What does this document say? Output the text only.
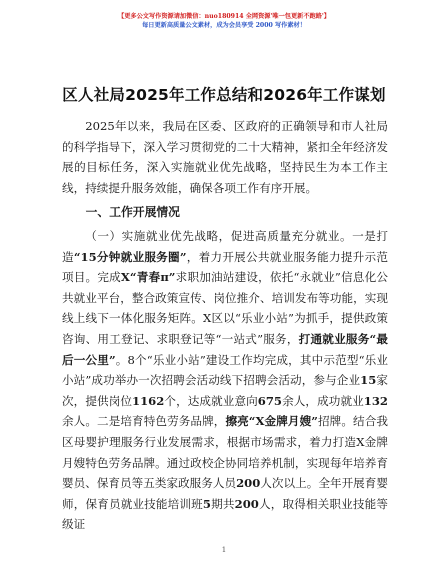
【更多公文写作资源请加微信：nuo180914 全网资源'唯一包更新不跑路'】
每日更新高质量公文素材，成为会员享受 2000 写作素材！
区人社局2025年工作总结和2026年工作谋划

2025年以来，我局在区委、区政府的正确领导和市人社局的科学指导下，深入学习贯彻党的二十大精神，紧扣全年经济发展的目标任务，深入实施就业优先战略，坚持民生为本工作主线，持续提升服务效能，确保各项工作有序开展。

一、工作开展情况

（一）实施就业优先战略，促进高质量充分就业。一是打造“15分钟就业服务圈”，着力开展公共就业服务能力提升示范项目。完成X“青春π”求职加油站建设，依托“永就业”信息化公共就业平台，整合政策宣传、岗位推介、培训发布等功能，实现线上线下一体化服务矩阵。X区以“乐业小站”为抓手，提供政策咨询、用工登记、求职登记等“一站式”服务，打通就业服务“最后一公里”。8个“乐业小站”建设工作均完成，其中示范型“乐业小站”成功举办一次招聘会活动线下招聘会活动，参与企业15家次，提供岗位1162个，达成就业意向675余人，成功就业132余人。二是培育特色劳务品牌，擦亮“X金牌月嫂”招牌。结合我区母婴护理服务行业发展需求，根据市场需求，着力打造X金牌月嫂特色劳务品牌。通过政校企协同培养机制，实现每年培养育婴员、保育员等五类家政服务人员200人次以上。全年开展育婴师，保育员就业技能培训班5期共200人，取得相关职业技能等级证

1
